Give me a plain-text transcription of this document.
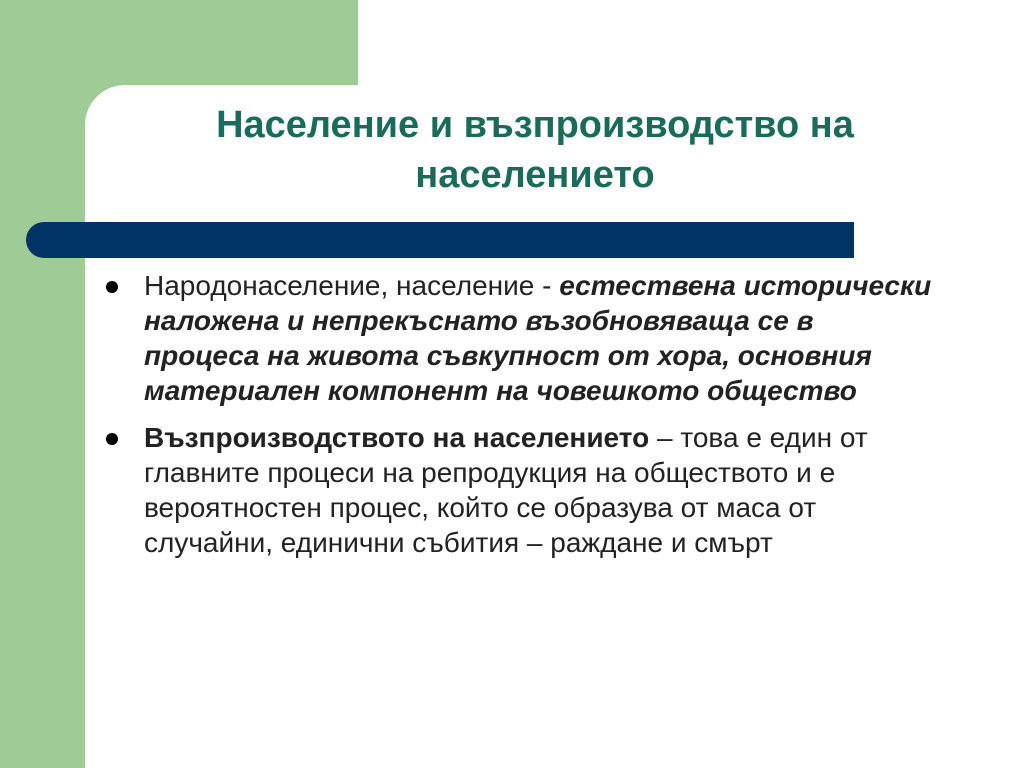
Население и възпроизводство на
населението
Народонаселение, население - естествена исторически наложена и непрекъснато възобновяваща се в процеса на живота съвкупност от хора, основния материален компонент на човешкото общество
Възпроизводството на населението – това е един от главните процеси на репродукция на обществото и е вероятностен процес, който се образува от маса от случайни, единични събития – раждане и смърт
